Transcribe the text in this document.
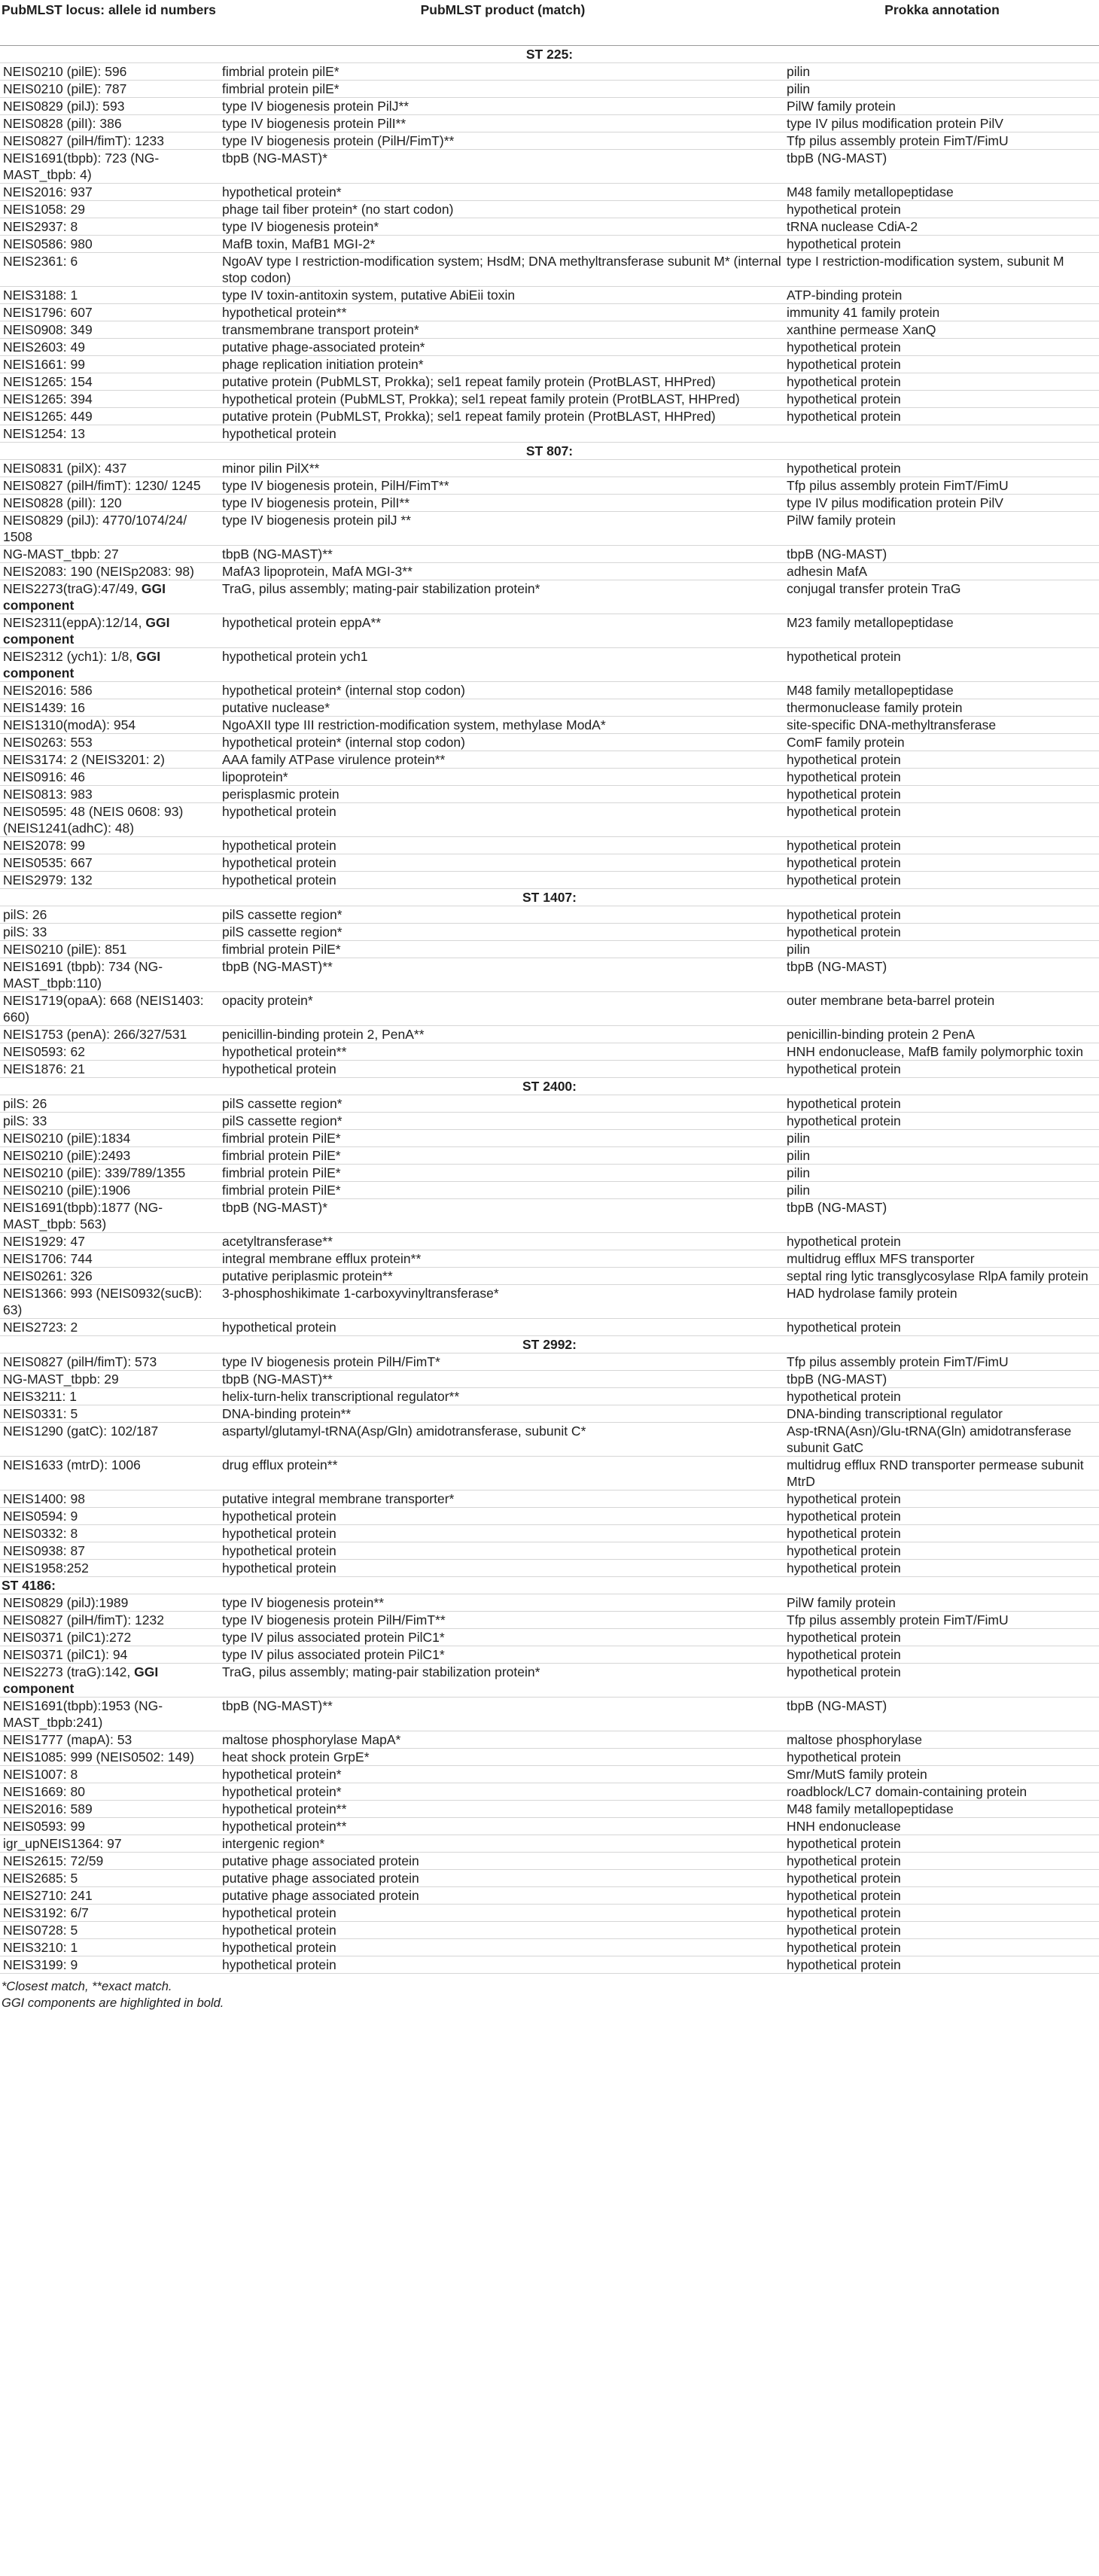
PubMLST locus: allele id numbers	PubMLST product (match)	Prokka annotation
ST 225:		
NEIS0210 (pilE): 596	fimbrial protein pilE*	pilin
NEIS0210 (pilE): 787	fimbrial protein pilE*	pilin
NEIS0829 (pilJ): 593	type IV biogenesis protein PilJ**	PilW family protein
NEIS0828 (pilI): 386	type IV biogenesis protein PilI**	type IV pilus modification protein PilV
NEIS0827 (pilH/fimT): 1233	type IV biogenesis protein (PilH/FimT)**	Tfp pilus assembly protein FimT/FimU
NEIS1691(tbpb): 723 (NG-MAST_tbpb: 4)	tbpB (NG-MAST)*	tbpB (NG-MAST)
NEIS2016: 937	hypothetical protein*	M48 family metallopeptidase
NEIS1058: 29	phage tail fiber protein* (no start codon)	hypothetical protein
NEIS2937: 8	type IV biogenesis protein*	tRNA nuclease CdiA-2
NEIS0586: 980	MafB toxin, MafB1 MGI-2*	hypothetical protein
NEIS2361: 6	NgoAV type I restriction-modification system; HsdM; DNA methyltransferase subunit M* (internal stop codon)	type I restriction-modification system, subunit M
NEIS3188: 1	type IV toxin-antitoxin system, putative AbiEii toxin	ATP-binding protein
NEIS1796: 607	hypothetical protein**	immunity 41 family protein
NEIS0908: 349	transmembrane transport protein*	xanthine permease XanQ
NEIS2603: 49	putative phage-associated protein*	hypothetical protein
NEIS1661: 99	phage replication initiation protein*	hypothetical protein
NEIS1265: 154	putative protein (PubMLST, Prokka); sel1 repeat family protein (ProtBLAST, HHPred)	hypothetical protein
NEIS1265: 394	hypothetical protein (PubMLST, Prokka); sel1 repeat family protein (ProtBLAST, HHPred)	hypothetical protein
NEIS1265: 449	putative protein (PubMLST, Prokka); sel1 repeat family protein (ProtBLAST, HHPred)	hypothetical protein
NEIS1254: 13	hypothetical protein	
ST 807:		
NEIS0831 (pilX): 437	minor pilin PilX**	hypothetical protein
NEIS0827 (pilH/fimT): 1230/ 1245	type IV biogenesis protein, PilH/FimT**	Tfp pilus assembly protein FimT/FimU
NEIS0828 (pilI): 120	type IV biogenesis protein, PilI**	type IV pilus modification protein PilV
NEIS0829 (pilJ): 4770/1074/24/ 1508	type IV biogenesis protein pilJ **	PilW family protein
NG-MAST_tbpb: 27	tbpB (NG-MAST)**	tbpB (NG-MAST)
NEIS2083: 190 (NEISp2083: 98)	MafA3 lipoprotein, MafA MGI-3**	adhesin MafA
NEIS2273(traG):47/49, GGI component	TraG, pilus assembly; mating-pair stabilization protein*	conjugal transfer protein TraG
NEIS2311(eppA):12/14, GGI component	hypothetical protein eppA**	M23 family metallopeptidase
NEIS2312 (ych1): 1/8, GGI component	hypothetical protein ych1	hypothetical protein
NEIS2016: 586	hypothetical protein* (internal stop codon)	M48 family metallopeptidase
NEIS1439: 16	putative nuclease*	thermonuclease family protein
NEIS1310(modA): 954	NgoAXII type III restriction-modification system, methylase ModA*	site-specific DNA-methyltransferase
NEIS0263: 553	hypothetical protein* (internal stop codon)	ComF family protein
NEIS3174: 2 (NEIS3201: 2)	AAA family ATPase virulence protein**	hypothetical protein
NEIS0916: 46	lipoprotein*	hypothetical protein
NEIS0813: 983	perisplasmic protein	hypothetical protein
NEIS0595: 48 (NEIS 0608: 93) (NEIS1241(adhC): 48)	hypothetical protein	hypothetical protein
NEIS2078: 99	hypothetical protein	hypothetical protein
NEIS0535: 667	hypothetical protein	hypothetical protein
NEIS2979: 132	hypothetical protein	hypothetical protein
ST 1407:		
pilS: 26	pilS cassette region*	hypothetical protein
pilS: 33	pilS cassette region*	hypothetical protein
NEIS0210 (pilE): 851	fimbrial protein PilE*	pilin
NEIS1691 (tbpb): 734 (NG-MAST_tbpb:110)	tbpB (NG-MAST)**	tbpB (NG-MAST)
NEIS1719(opaA): 668 (NEIS1403: 660)	opacity protein*	outer membrane beta-barrel protein
NEIS1753 (penA): 266/327/531	penicillin-binding protein 2, PenA**	penicillin-binding protein 2 PenA
NEIS0593: 62	hypothetical protein**	HNH endonuclease, MafB family polymorphic toxin
NEIS1876: 21	hypothetical protein	hypothetical protein
ST 2400:		
pilS: 26	pilS cassette region*	hypothetical protein
pilS: 33	pilS cassette region*	hypothetical protein
NEIS0210 (pilE):1834	fimbrial protein PilE*	pilin
NEIS0210 (pilE):2493	fimbrial protein PilE*	pilin
NEIS0210 (pilE): 339/789/1355	fimbrial protein PilE*	pilin
NEIS0210 (pilE):1906	fimbrial protein PilE*	pilin
NEIS1691(tbpb):1877 (NG-MAST_tbpb: 563)	tbpB (NG-MAST)*	tbpB (NG-MAST)
NEIS1929: 47	acetyltransferase**	hypothetical protein
NEIS1706: 744	integral membrane efflux protein**	multidrug efflux MFS transporter
NEIS0261: 326	putative periplasmic protein**	septal ring lytic transglycosylase RlpA family protein
NEIS1366: 993 (NEIS0932(sucB): 63)	3-phosphoshikimate 1-carboxyvinyltransferase*	HAD hydrolase family protein
NEIS2723: 2	hypothetical protein	hypothetical protein
ST 2992:		
NEIS0827 (pilH/fimT): 573	type IV biogenesis protein PilH/FimT*	Tfp pilus assembly protein FimT/FimU
NG-MAST_tbpb: 29	tbpB (NG-MAST)**	tbpB (NG-MAST)
NEIS3211: 1	helix-turn-helix transcriptional regulator**	hypothetical protein
NEIS0331: 5	DNA-binding protein**	DNA-binding transcriptional regulator
NEIS1290 (gatC): 102/187	aspartyl/glutamyl-tRNA(Asp/Gln) amidotransferase, subunit C*	Asp-tRNA(Asn)/Glu-tRNA(Gln) amidotransferase subunit GatC
NEIS1633 (mtrD): 1006	drug efflux protein**	multidrug efflux RND transporter permease subunit MtrD
NEIS1400: 98	putative integral membrane transporter*	hypothetical protein
NEIS0594: 9	hypothetical protein	hypothetical protein
NEIS0332: 8	hypothetical protein	hypothetical protein
NEIS0938: 87	hypothetical protein	hypothetical protein
NEIS1958:252	hypothetical protein	hypothetical protein
ST 4186:		
NEIS0829 (pilJ):1989	type IV biogenesis protein**	PilW family protein
NEIS0827 (pilH/fimT): 1232	type IV biogenesis protein PilH/FimT**	Tfp pilus assembly protein FimT/FimU
NEIS0371 (pilC1):272	type IV pilus associated protein PilC1*	hypothetical protein
NEIS0371 (pilC1): 94	type IV pilus associated protein PilC1*	hypothetical protein
NEIS2273 (traG):142, GGI component	TraG, pilus assembly; mating-pair stabilization protein*	hypothetical protein
NEIS1691(tbpb):1953 (NG-MAST_tbpb:241)	tbpB (NG-MAST)**	tbpB (NG-MAST)
NEIS1777 (mapA): 53	maltose phosphorylase MapA*	maltose phosphorylase
NEIS1085: 999 (NEIS0502: 149)	heat shock protein GrpE*	hypothetical protein
NEIS1007: 8	hypothetical protein*	Smr/MutS family protein
NEIS1669: 80	hypothetical protein*	roadblock/LC7 domain-containing protein
NEIS2016: 589	hypothetical protein**	M48 family metallopeptidase
NEIS0593: 99	hypothetical protein**	HNH endonuclease
igr_upNEIS1364: 97	intergenic region*	hypothetical protein
NEIS2615: 72/59	putative phage associated protein	hypothetical protein
NEIS2685: 5	putative phage associated protein	hypothetical protein
NEIS2710: 241	putative phage associated protein	hypothetical protein
NEIS3192: 6/7	hypothetical protein	hypothetical protein
NEIS0728: 5	hypothetical protein	hypothetical protein
NEIS3210: 1	hypothetical protein	hypothetical protein
NEIS3199: 9	hypothetical protein	hypothetical protein
*Closest match, **exact match.
GGI components are highlighted in bold.
